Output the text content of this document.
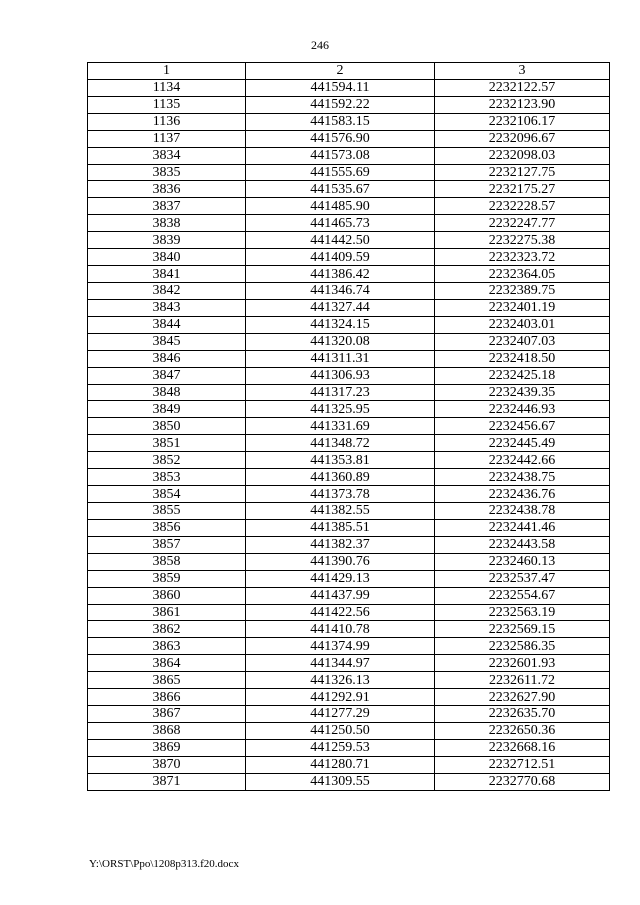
246
1	2	3
1134	441594.11	2232122.57
1135	441592.22	2232123.90
1136	441583.15	2232106.17
1137	441576.90	2232096.67
3834	441573.08	2232098.03
3835	441555.69	2232127.75
3836	441535.67	2232175.27
3837	441485.90	2232228.57
3838	441465.73	2232247.77
3839	441442.50	2232275.38
3840	441409.59	2232323.72
3841	441386.42	2232364.05
3842	441346.74	2232389.75
3843	441327.44	2232401.19
3844	441324.15	2232403.01
3845	441320.08	2232407.03
3846	441311.31	2232418.50
3847	441306.93	2232425.18
3848	441317.23	2232439.35
3849	441325.95	2232446.93
3850	441331.69	2232456.67
3851	441348.72	2232445.49
3852	441353.81	2232442.66
3853	441360.89	2232438.75
3854	441373.78	2232436.76
3855	441382.55	2232438.78
3856	441385.51	2232441.46
3857	441382.37	2232443.58
3858	441390.76	2232460.13
3859	441429.13	2232537.47
3860	441437.99	2232554.67
3861	441422.56	2232563.19
3862	441410.78	2232569.15
3863	441374.99	2232586.35
3864	441344.97	2232601.93
3865	441326.13	2232611.72
3866	441292.91	2232627.90
3867	441277.29	2232635.70
3868	441250.50	2232650.36
3869	441259.53	2232668.16
3870	441280.71	2232712.51
3871	441309.55	2232770.68
Y:\ORST\Ppo\1208p313.f20.docx
